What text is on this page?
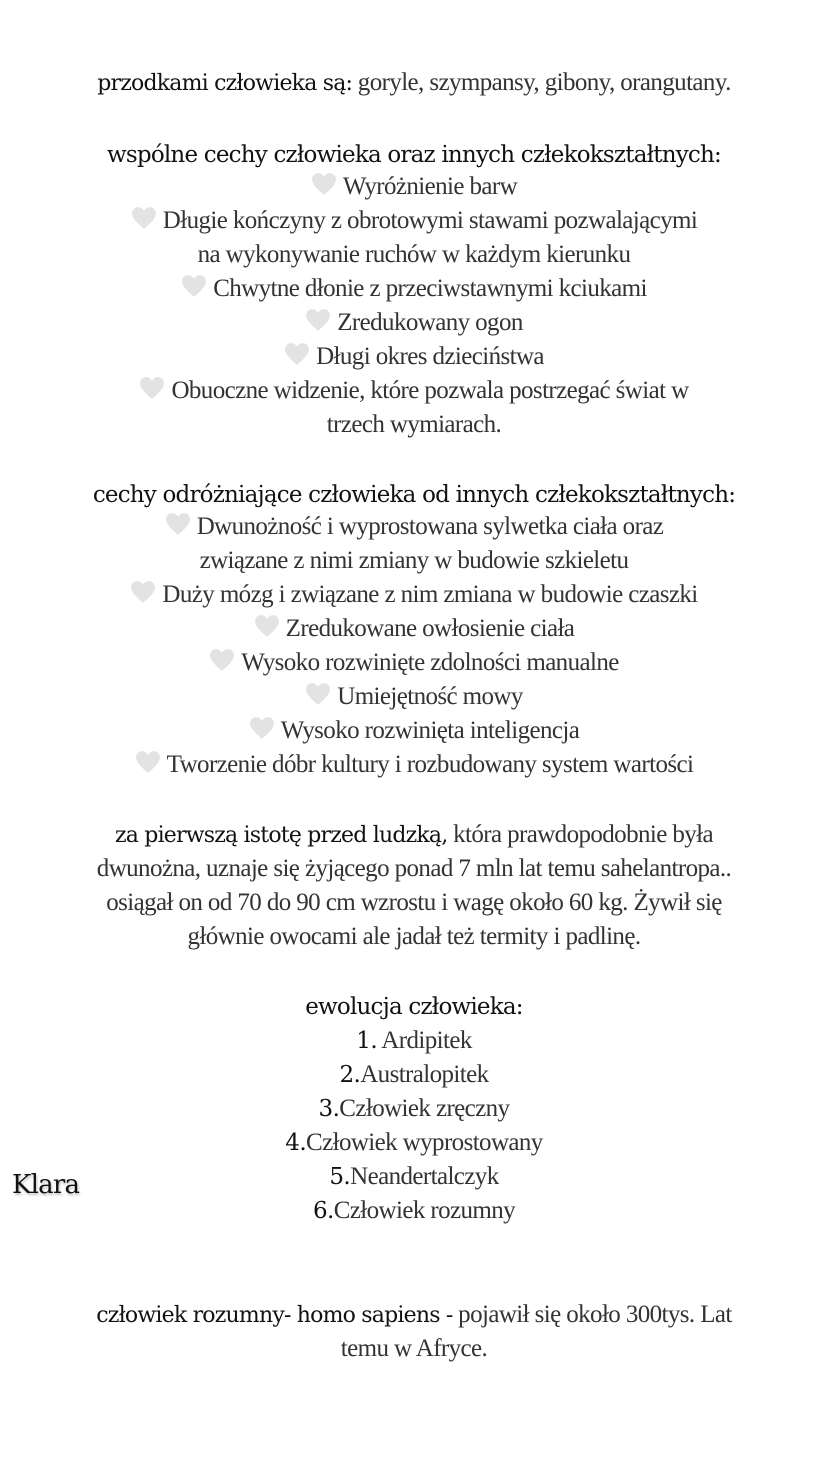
przodkami człowieka są: goryle, szympansy, gibony, orangutany.
wspólne cechy człowieka oraz innych człekokształtnych:
Wyróżnienie barw
Długie kończyny z obrotowymi stawami pozwalającymi
na wykonywanie ruchów w każdym kierunku
Chwytne dłonie z przeciwstawnymi kciukami
Zredukowany ogon
Długi okres dzieciństwa
Obuoczne widzenie, które pozwala postrzegać świat w
trzech wymiarach.
cechy odróżniające człowieka od innych człekokształtnych:
Dwunożność i wyprostowana sylwetka ciała oraz
związane z nimi zmiany w budowie szkieletu
Duży mózg i związane z nim zmiana w budowie czaszki
Zredukowane owłosienie ciała
Wysoko rozwinięte zdolności manualne
Umiejętność mowy
Wysoko rozwinięta inteligencja
Tworzenie dóbr kultury i rozbudowany system wartości
za pierwszą istotę przed ludzką, która prawdopodobnie była
dwunożna, uznaje się żyjącego ponad 7 mln lat temu sahelantropa..
osiągał on od 70 do 90 cm wzrostu i wagę około 60 kg. Żywił się
głównie owocami ale jadał też termity i padlinę.
ewolucja człowieka:
1. Ardipitek
2.Australopitek
3.Człowiek zręczny
4.Człowiek wyprostowany
5.Neandertalczyk
6.Człowiek rozumny
Klara
człowiek rozumny- homo sapiens - pojawił się około 300tys. Lat
temu w Afryce.
